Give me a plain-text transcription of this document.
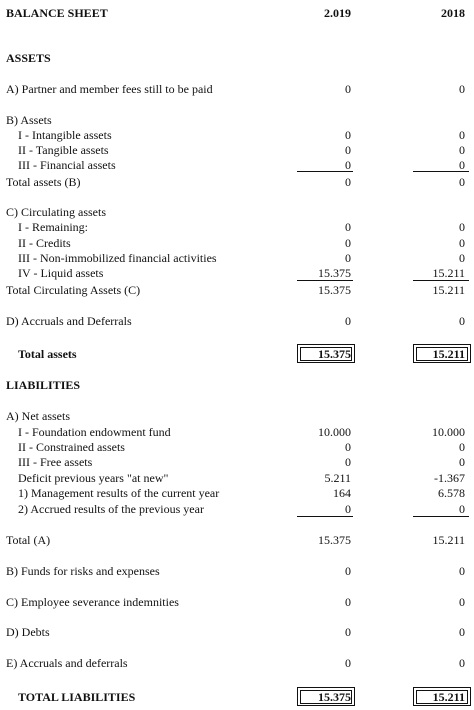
BALANCE SHEET	2.019	2018
ASSETS
A) Partner and member fees still to be paid	0	0
B) Assets
I - Intangible assets	0	0
II - Tangible assets	0	0
III - Financial assets	0	0
Total assets (B)	0	0
C) Circulating assets
I - Remaining:	0	0
II - Credits	0	0
III - Non-immobilized financial activities	0	0
IV - Liquid assets	15.375	15.211
Total Circulating Assets (C)	15.375	15.211
D) Accruals and Deferrals	0	0
Total assets	15.375	15.211
LIABILITIES
A) Net assets
I - Foundation endowment fund	10.000	10.000
II - Constrained assets	0	0
III - Free assets	0	0
Deficit previous years "at new"	5.211	-1.367
1) Management results of the current year	164	6.578
2) Accrued results of the previous year	0	0
Total (A)	15.375	15.211
B) Funds for risks and expenses	0	0
C) Employee severance indemnities	0	0
D) Debts	0	0
E) Accruals and deferrals	0	0
TOTAL LIABILITIES	15.375	15.211
